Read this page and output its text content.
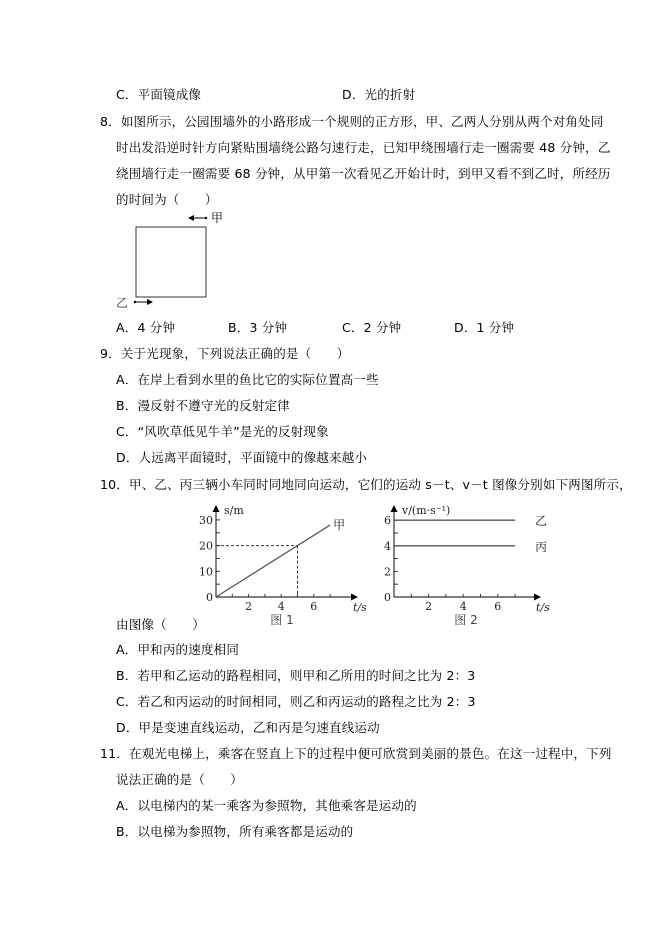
C．平面镜成像	D．光的折射
8．如图所示，公园围墙外的小路形成一个规则的正方形，甲、乙两人分别从两个对角处同
时出发沿逆时针方向紧贴围墙绕公路匀速行走，已知甲绕围墙行走一圈需要 48 分钟，乙
绕围墙行走一圈需要 68 分钟，从甲第一次看见乙开始计时，到甲又看不到乙时，所经历
的时间为（　　）
甲
乙
A．4 分钟	B．3 分钟	C．2 分钟	D．1 分钟
9．关于光现象，下列说法正确的是（　　）
A．在岸上看到水里的鱼比它的实际位置高一些
B．漫反射不遵守光的反射定律
C．“风吹草低见牛羊”是光的反射现象
D．人远离平面镜时，平面镜中的像越来越小
10．甲、乙、丙三辆小车同时同地同向运动，它们的运动 s－t、v－t 图像分别如下两图所示，
2 4 6
0
10
20
30
s/m
t/s
甲
图 1
2	4	6
0
2
4
6
v/(m·s⁻¹)
t/s
乙
丙
图 2
由图像（　　）
A．甲和丙的速度相同
B．若甲和乙运动的路程相同，则甲和乙所用的时间之比为 2：3
C．若乙和丙运动的时间相同，则乙和丙运动的路程之比为 2：3
D．甲是变速直线运动，乙和丙是匀速直线运动
11．在观光电梯上，乘客在竖直上下的过程中便可欣赏到美丽的景色。在这一过程中，下列
说法正确的是（　　）
A．以电梯内的某一乘客为参照物，其他乘客是运动的
B．以电梯为参照物，所有乘客都是运动的
